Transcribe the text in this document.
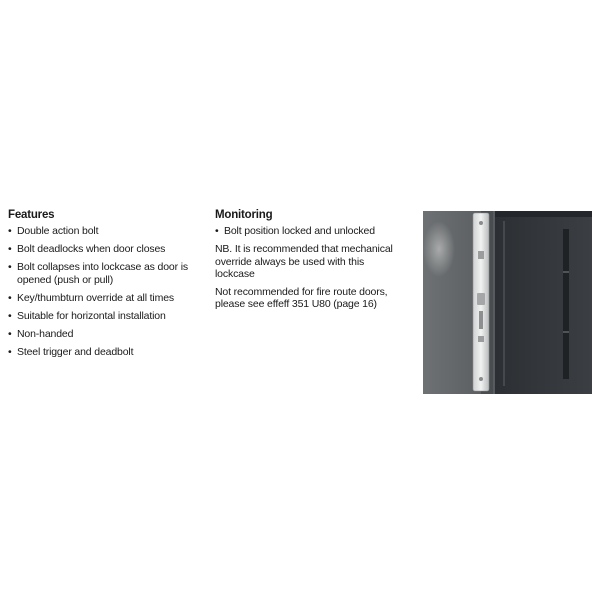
Features
• Double action bolt
• Bolt deadlocks when door closes
• Bolt collapses into lockcase as door is opened (push or pull)
• Key/thumbturn override at all times
• Suitable for horizontal installation
• Non-handed
• Steel trigger and deadbolt
Monitoring
• Bolt position locked and unlocked

NB. It is recommended that mechanical override always be used with this lockcase

Not recommended for fire route doors, please see effeff 351 U80 (page 16)
